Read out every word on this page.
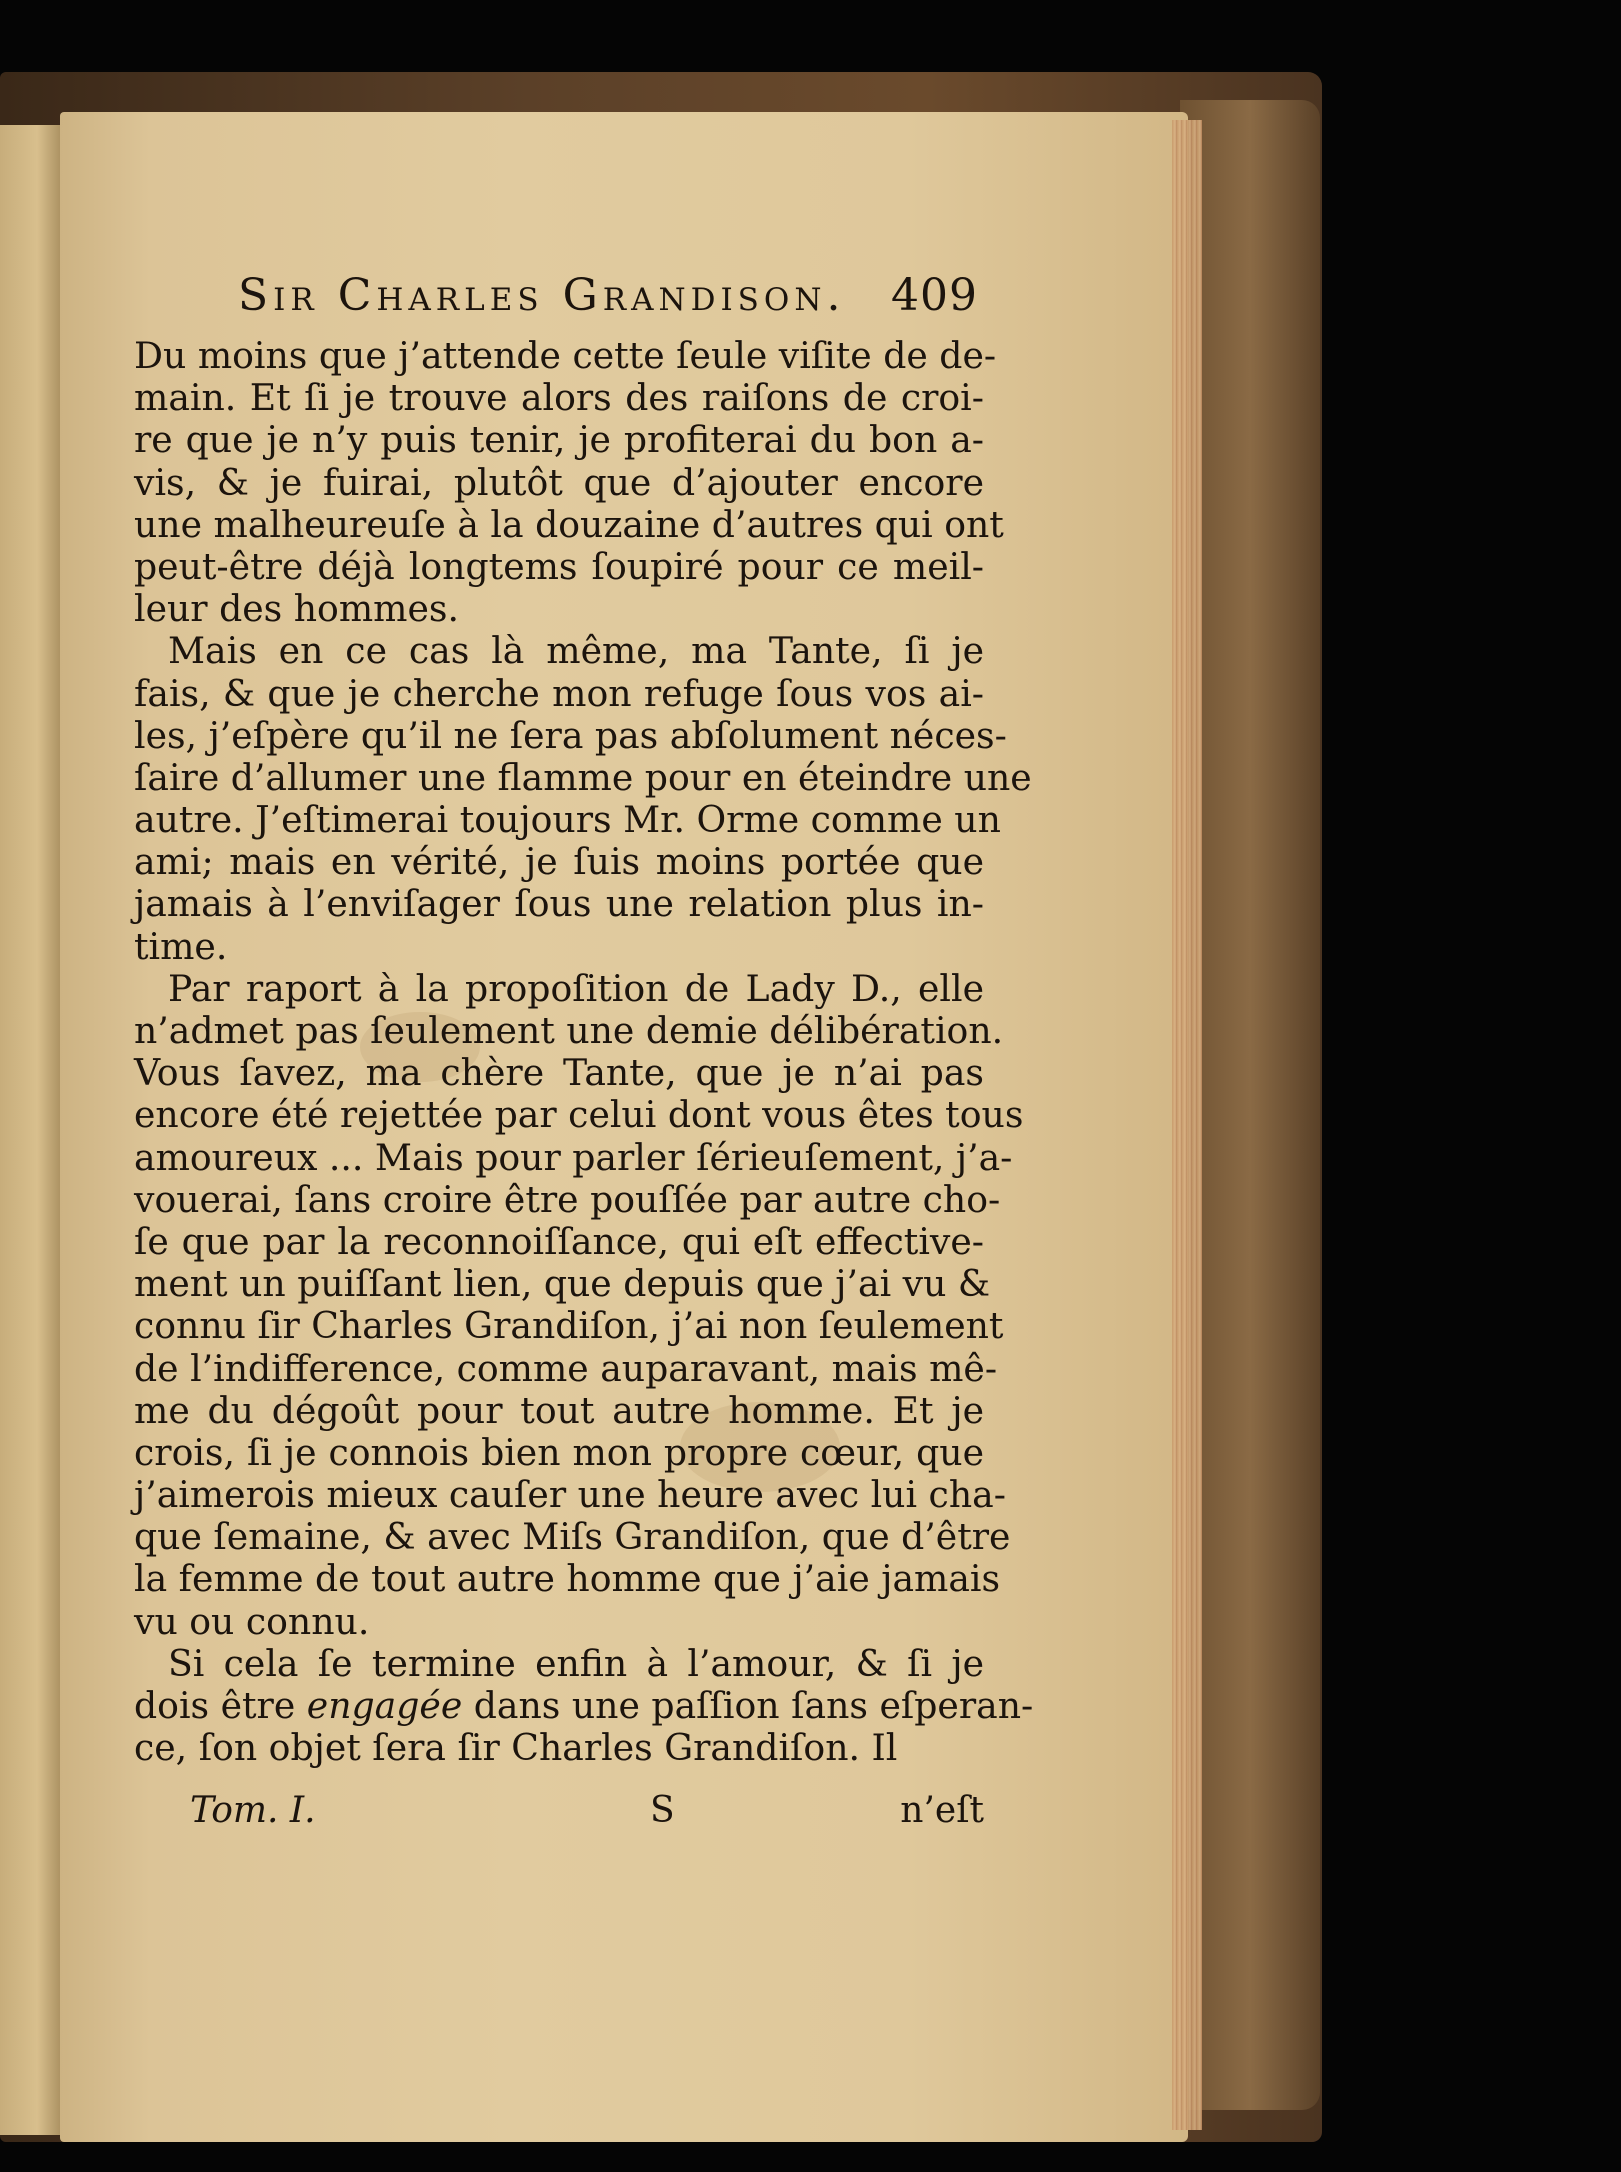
Sir Charles Grandison. 409
Du moins que j’attende cette ſeule viſite de de-
main. Et ſi je trouve alors des raiſons de croi-
re que je n’y puis tenir, je profiterai du bon a-
vis, & je fuirai, plutôt que d’ajouter encore
une malheureuſe à la douzaine d’autres qui ont
peut-être déjà longtems ſoupiré pour ce meil-
leur des hommes.
Mais en ce cas là même, ma Tante, ſi je
fais, & que je cherche mon refuge ſous vos ai-
les, j’eſpère qu’il ne ſera pas abſolument néces-
ſaire d’allumer une flamme pour en éteindre une
autre. J’eſtimerai toujours Mr. Orme comme un
ami; mais en vérité, je ſuis moins portée que
jamais à l’enviſager ſous une relation plus in-
time.
Par raport à la propoſition de Lady D., elle
n’admet pas ſeulement une demie délibération.
Vous ſavez, ma chère Tante, que je n’ai pas
encore été rejettée par celui dont vous êtes tous
amoureux ... Mais pour parler ſérieuſement, j’a-
vouerai, ſans croire être pouſſée par autre cho-
ſe que par la reconnoiſſance, qui eſt effective-
ment un puiſſant lien, que depuis que j’ai vu &
connu ſir Charles Grandiſon, j’ai non ſeulement
de l’indifference, comme auparavant, mais mê-
me du dégoût pour tout autre homme. Et je
crois, ſi je connois bien mon propre cœur, que
j’aimerois mieux cauſer une heure avec lui cha-
que ſemaine, & avec Miſs Grandiſon, que d’être
la femme de tout autre homme que j’aie jamais
vu ou connu.
Si cela ſe termine enfin à l’amour, & ſi je
dois être engagée dans une paſſion ſans eſperan-
ce, ſon objet ſera ſir Charles Grandiſon. Il
Tom. I.	S	n’eſt
